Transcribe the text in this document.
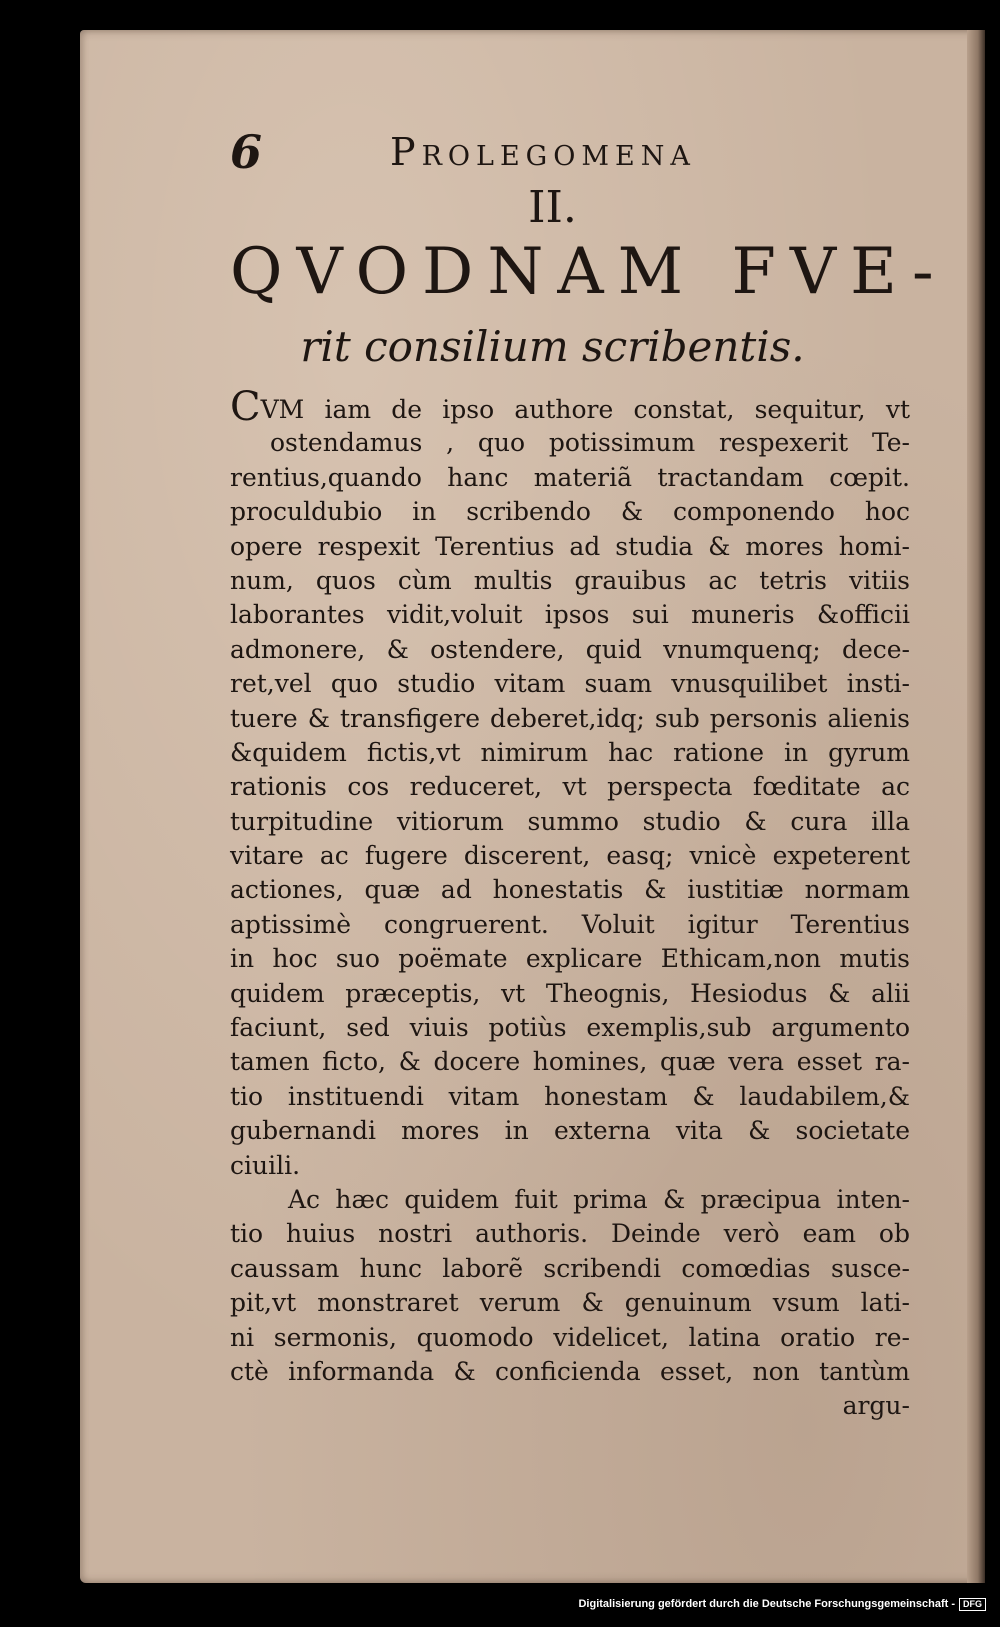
6	Prolegomena
II.
QVODNAM FVE-
rit consilium scribentis.
CVM iam de ipso authore constat, sequitur, vt
ostendamus , quo potissimum respexerit Te-
rentius,quando hanc materiã tractandam cœpit.
proculdubio in scribendo & componendo hoc
opere respexit Terentius ad studia & mores homi-
num, quos cùm multis grauibus ac tetris vitiis
laborantes vidit,voluit ipsos sui muneris &officii
admonere, & ostendere, quid vnumquenq; dece-
ret,vel quo studio vitam suam vnusquilibet insti-
tuere & transfigere deberet,idq; sub personis alienis
&quidem fictis,vt nimirum hac ratione in gyrum
rationis cos reduceret, vt perspecta fœditate ac
turpitudine vitiorum summo studio & cura illa
vitare ac fugere discerent, easq; vnicè expeterent
actiones, quæ ad honestatis & iustitiæ normam
aptissimè congruerent. Voluit igitur Terentius
in hoc suo poëmate explicare Ethicam,non mutis
quidem præceptis, vt Theognis, Hesiodus & alii
faciunt, sed viuis potiùs exemplis,sub argumento
tamen ficto, & docere homines, quæ vera esset ra-
tio instituendi vitam honestam & laudabilem,&
gubernandi mores in externa vita & societate
ciuili.
Ac hæc quidem fuit prima & præcipua inten-
tio huius nostri authoris. Deinde verò eam ob
caussam hunc laborẽ scribendi comœdias susce-
pit,vt monstraret verum & genuinum vsum lati-
ni sermonis, quomodo videlicet, latina oratio re-
ctè informanda & conficienda esset, non tantùm
argu-
Digitalisierung gefördert durch die Deutsche Forschungsgemeinschaft - DFG
